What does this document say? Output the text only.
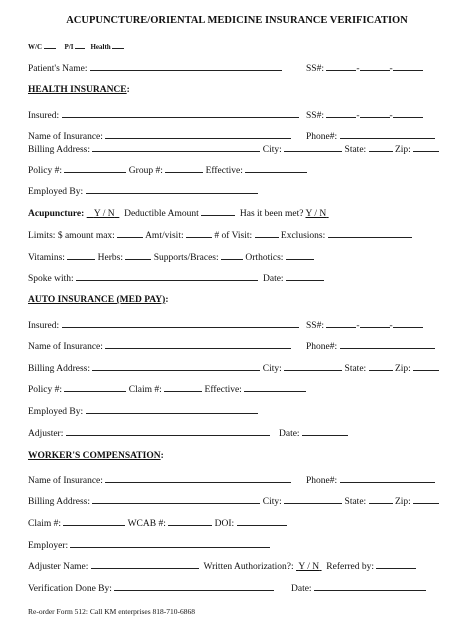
ACUPUNCTURE/ORIENTAL MEDICINE INSURANCE VERIFICATION
W/C	P/I Health
Patient's Name:	SS#:	-	-
HEALTH INSURANCE:
Insured:	SS#:	-	-
Name of Insurance:	Phone#:
Billing Address:	City:	State:	Zip:
Policy #:	Group #:	Effective:
Employed By:
Acupuncture: Y / N Deductible Amount	Has it been met? Y / N
Limits: $ amount max:	Amt/visit:	# of Visit:	Exclusions:
Vitamins:	Herbs:	Supports/Braces:	Orthotics:
Spoke with:	Date:
AUTO INSURANCE (MED PAY):
Insured:	SS#:	-	-
Name of Insurance:	Phone#:
Billing Address:	City:	State:	Zip:
Policy #:	Claim #:	Effective:
Employed By:
Adjuster:	Date:
WORKER'S COMPENSATION:
Name of Insurance:	Phone#:
Billing Address:	City:	State:	Zip:
Claim #:	WCAB #:	DOI:
Employer:
Adjuster Name:	Written Authorization?: Y / N Referred by:
Verification Done By:	Date:
Re-order Form 512: Call KM enterprises 818-710-6868
